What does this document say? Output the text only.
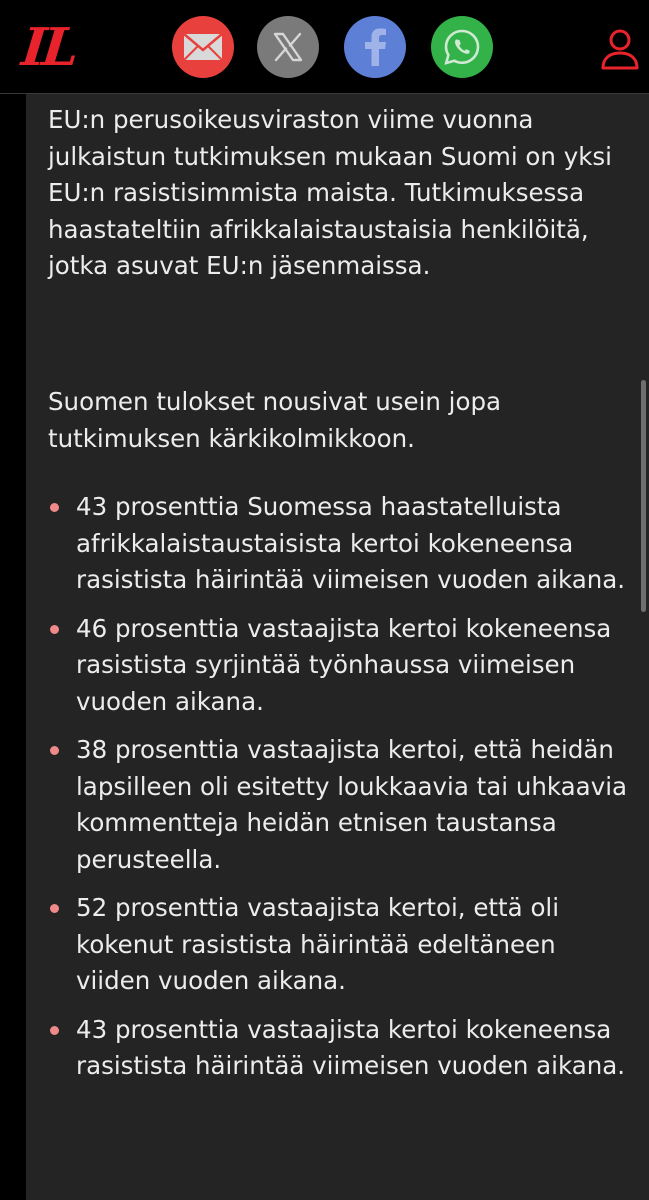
IL

EU:n perusoikeusviraston viime vuonna julkaistun tutkimuksen mukaan Suomi on yksi EU:n rasistisimmista maista. Tutkimuksessa haastateltiin afrikkalaistaustaisia henkilöitä, jotka asuvat EU:n jäsenmaissa.

Suomen tulokset nousivat usein jopa tutkimuksen kärkikolmikkoon.

43 prosenttia Suomessa haastatelluista afrikkalaistaustaisista kertoi kokeneensa rasistista häirintää viimeisen vuoden aikana.
46 prosenttia vastaajista kertoi kokeneensa rasistista syrjintää työnhaussa viimeisen vuoden aikana.
38 prosenttia vastaajista kertoi, että heidän lapsilleen oli esitetty loukkaavia tai uhkaavia kommentteja heidän etnisen taustansa perusteella.
52 prosenttia vastaajista kertoi, että oli kokenut rasistista häirintää edeltäneen viiden vuoden aikana.
43 prosenttia vastaajista kertoi kokeneensa rasistista häirintää viimeisen vuoden aikana.
